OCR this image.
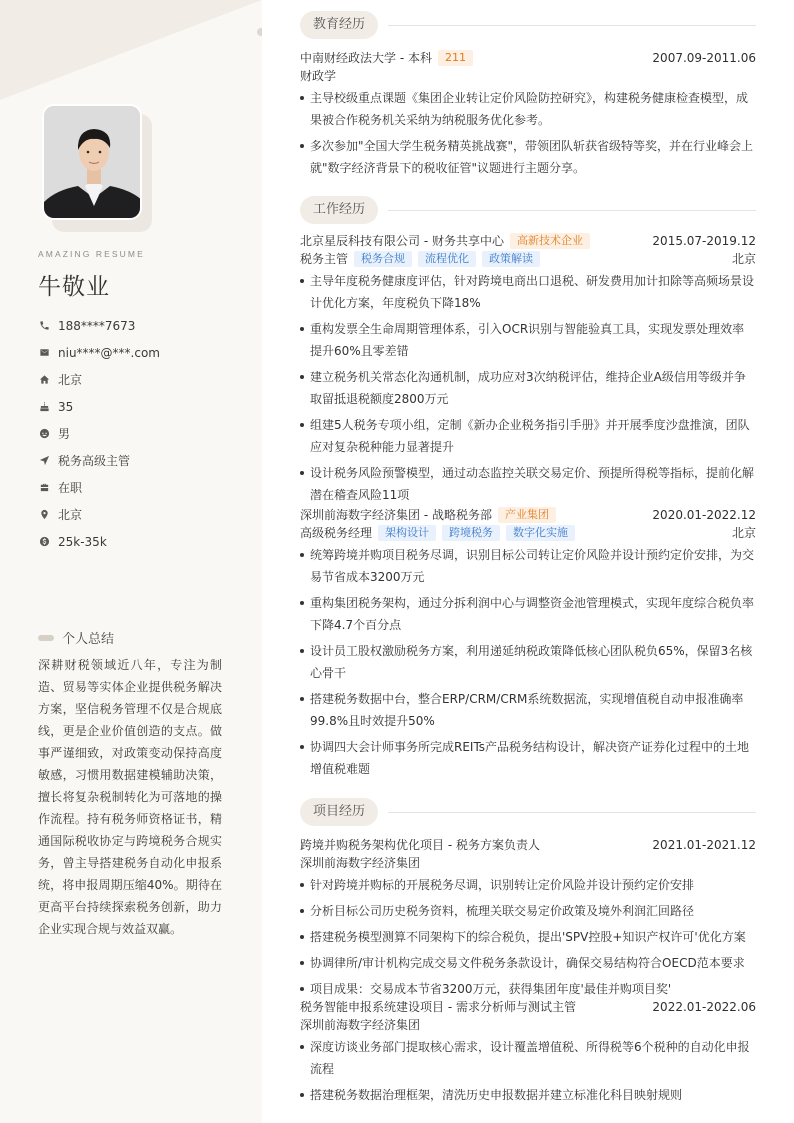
AMAZING RESUME
牛敬业
188****7673
niu****@***.com
北京
35
男
税务高级主管
在职
北京
25k-35k
个人总结
深耕财税领域近八年，专注为制造、贸易等实体企业提供税务解决方案，坚信税务管理不仅是合规底线，更是企业价值创造的支点。做事严谨细致，对政策变动保持高度敏感，习惯用数据建模辅助决策，擅长将复杂税制转化为可落地的操作流程。持有税务师资格证书，精通国际税收协定与跨境税务合规实务，曾主导搭建税务自动化申报系统，将申报周期压缩40%。期待在更高平台持续探索税务创新，助力企业实现合规与效益双赢。
教育经历
中南财经政法大学 - 本科	211	2007.09-2011.06
财政学
主导校级重点课题《集团企业转让定价风险防控研究》，构建税务健康检查模型，成果被合作税务机关采纳为纳税服务优化参考。
多次参加"全国大学生税务精英挑战赛"，带领团队斩获省级特等奖，并在行业峰会上就"数字经济背景下的税收征管"议题进行主题分享。
工作经历
北京星辰科技有限公司 - 财务共享中心	高新技术企业	2015.07-2019.12
税务主管	税务合规	流程优化	政策解读	北京
主导年度税务健康度评估，针对跨境电商出口退税、研发费用加计扣除等高频场景设计优化方案，年度税负下降18%
重构发票全生命周期管理体系，引入OCR识别与智能验真工具，实现发票处理效率提升60%且零差错
建立税务机关常态化沟通机制，成功应对3次纳税评估，维持企业A级信用等级并争取留抵退税额度2800万元
组建5人税务专项小组，定制《新办企业税务指引手册》并开展季度沙盘推演，团队应对复杂税种能力显著提升
设计税务风险预警模型，通过动态监控关联交易定价、预提所得税等指标，提前化解潜在稽查风险11项
深圳前海数字经济集团 - 战略税务部	产业集团	2020.01-2022.12
高级税务经理	架构设计	跨境税务	数字化实施	北京
统筹跨境并购项目税务尽调，识别目标公司转让定价风险并设计预约定价安排，为交易节省成本3200万元
重构集团税务架构，通过分拆利润中心与调整资金池管理模式，实现年度综合税负率下降4.7个百分点
设计员工股权激励税务方案，利用递延纳税政策降低核心团队税负65%，保留3名核心骨干
搭建税务数据中台，整合ERP/CRM/CRM系统数据流，实现增值税自动申报准确率99.8%且时效提升50%
协调四大会计师事务所完成REITs产品税务结构设计，解决资产证券化过程中的土地增值税难题
项目经历
跨境并购税务架构优化项目 - 税务方案负责人	2021.01-2021.12
深圳前海数字经济集团
针对跨境并购标的开展税务尽调，识别转让定价风险并设计预约定价安排
分析目标公司历史税务资料，梳理关联交易定价政策及境外利润汇回路径
搭建税务模型测算不同架构下的综合税负，提出'SPV控股+知识产权许可'优化方案
协调律所/审计机构完成交易文件税务条款设计，确保交易结构符合OECD范本要求
项目成果：交易成本节省3200万元，获得集团年度'最佳并购项目奖'
税务智能申报系统建设项目 - 需求分析师与测试主管	2022.01-2022.06
深圳前海数字经济集团
深度访谈业务部门提取核心需求，设计覆盖增值税、所得税等6个税种的自动化申报流程
搭建税务数据治理框架，清洗历史申报数据并建立标准化科目映射规则
